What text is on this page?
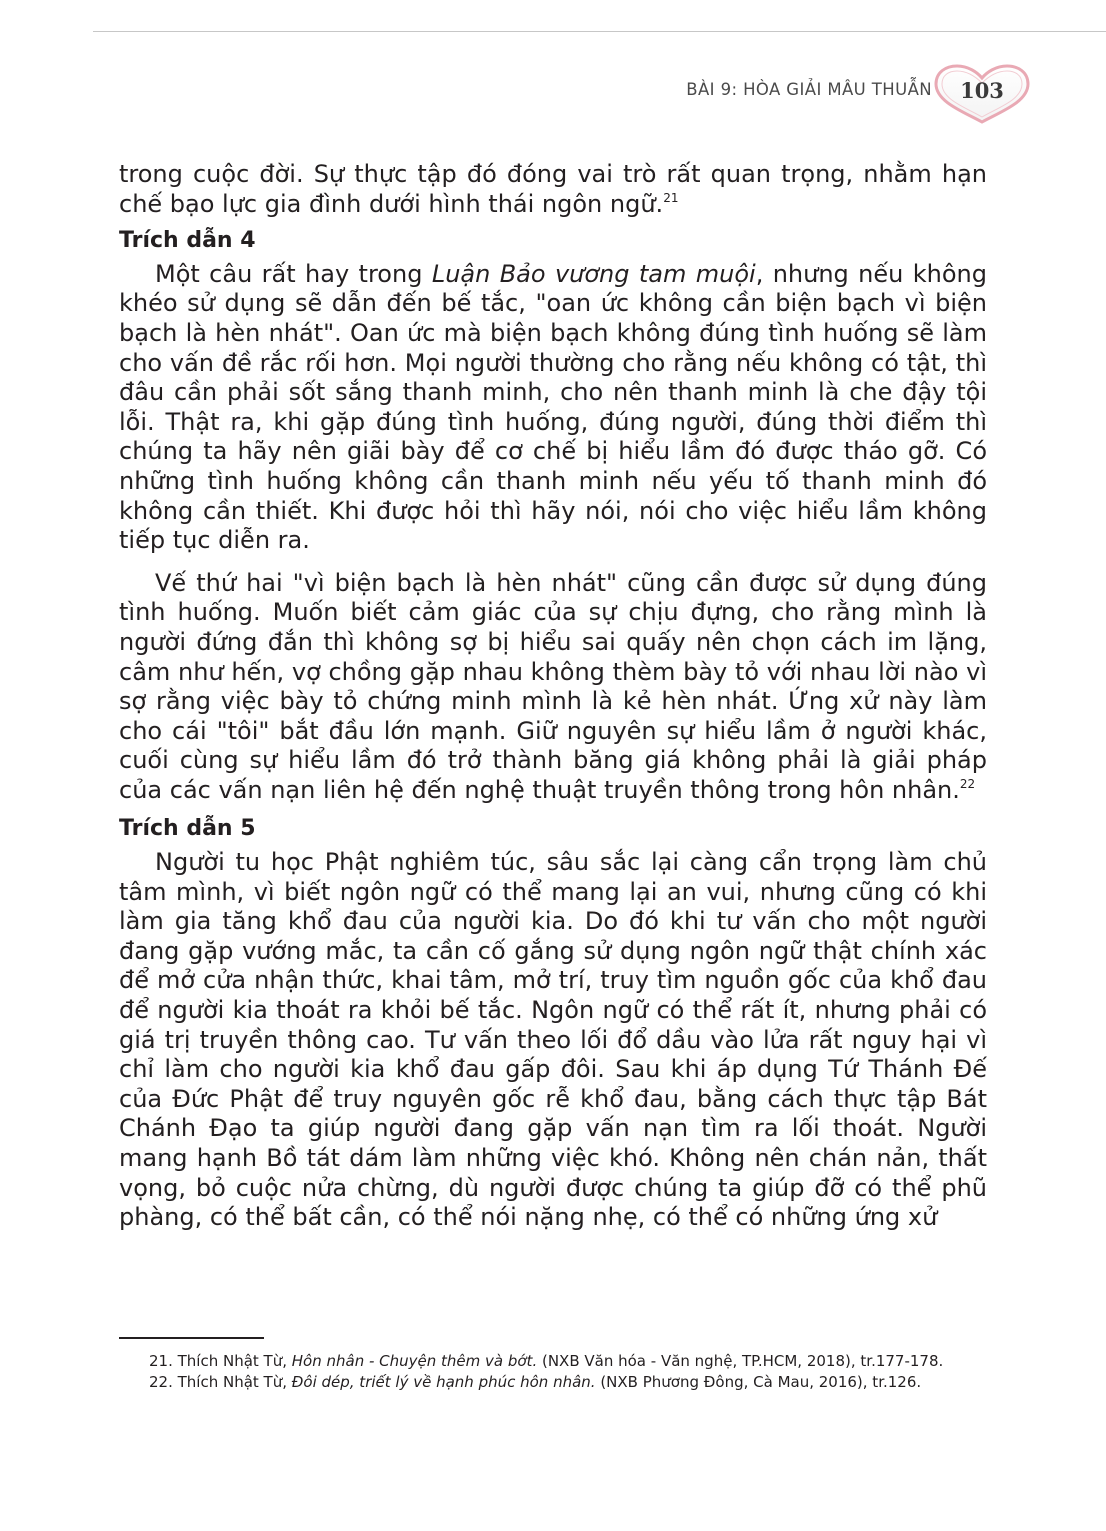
BÀI 9: HÒA GIẢI MÂU THUẪN	103

trong cuộc đời. Sự thực tập đó đóng vai trò rất quan trọng, nhằm hạn chế bạo lực gia đình dưới hình thái ngôn ngữ.$^{21}$

Trích dẫn 4

Một câu rất hay trong Luận Bảo vương tam muội, nhưng nếu không khéo sử dụng sẽ dẫn đến bế tắc, "oan ức không cần biện bạch vì biện bạch là hèn nhát". Oan ức mà biện bạch không đúng tình huống sẽ làm cho vấn đề rắc rối hơn. Mọi người thường cho rằng nếu không có tật, thì đâu cần phải sốt sắng thanh minh, cho nên thanh minh là che đậy tội lỗi. Thật ra, khi gặp đúng tình huống, đúng người, đúng thời điểm thì chúng ta hãy nên giãi bày để cơ chế bị hiểu lầm đó được tháo gỡ. Có những tình huống không cần thanh minh nếu yếu tố thanh minh đó không cần thiết. Khi được hỏi thì hãy nói, nói cho việc hiểu lầm không tiếp tục diễn ra.

Vế thứ hai "vì biện bạch là hèn nhát" cũng cần được sử dụng đúng tình huống. Muốn biết cảm giác của sự chịu đựng, cho rằng mình là người đứng đắn thì không sợ bị hiểu sai quấy nên chọn cách im lặng, câm như hến, vợ chồng gặp nhau không thèm bày tỏ với nhau lời nào vì sợ rằng việc bày tỏ chứng minh mình là kẻ hèn nhát. Ứng xử này làm cho cái "tôi" bắt đầu lớn mạnh. Giữ nguyên sự hiểu lầm ở người khác, cuối cùng sự hiểu lầm đó trở thành băng giá không phải là giải pháp của các vấn nạn liên hệ đến nghệ thuật truyền thông trong hôn nhân.$^{22}$

Trích dẫn 5

Người tu học Phật nghiêm túc, sâu sắc lại càng cẩn trọng làm chủ tâm mình, vì biết ngôn ngữ có thể mang lại an vui, nhưng cũng có khi làm gia tăng khổ đau của người kia. Do đó khi tư vấn cho một người đang gặp vướng mắc, ta cần cố gắng sử dụng ngôn ngữ thật chính xác để mở cửa nhận thức, khai tâm, mở trí, truy tìm nguồn gốc của khổ đau để người kia thoát ra khỏi bế tắc. Ngôn ngữ có thể rất ít, nhưng phải có giá trị truyền thông cao. Tư vấn theo lối đổ dầu vào lửa rất nguy hại vì chỉ làm cho người kia khổ đau gấp đôi. Sau khi áp dụng Tứ Thánh Đế của Đức Phật để truy nguyên gốc rễ khổ đau, bằng cách thực tập Bát Chánh Đạo ta giúp người đang gặp vấn nạn tìm ra lối thoát. Người mang hạnh Bồ tát dám làm những việc khó. Không nên chán nản, thất vọng, bỏ cuộc nửa chừng, dù người được chúng ta giúp đỡ có thể phũ phàng, có thể bất cần, có thể nói nặng nhẹ, có thể có những ứng xử

21. Thích Nhật Từ, Hôn nhân - Chuyện thêm và bớt. (NXB Văn hóa - Văn nghệ, TP.HCM, 2018), tr.177-178.

22. Thích Nhật Từ, Đôi dép, triết lý về hạnh phúc hôn nhân. (NXB Phương Đông, Cà Mau, 2016), tr.126.
